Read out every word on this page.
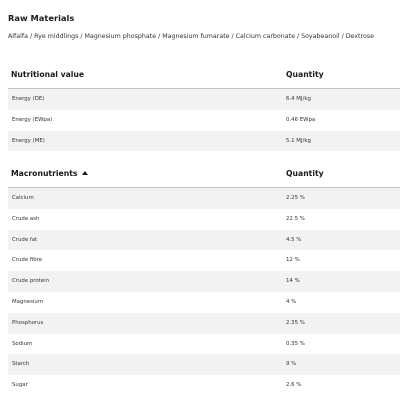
Raw Materials
Alfalfa / Rye middlings / Magnesium phosphate / Magnesium fumarate / Calcium carbonate / Soyabeanoil / Dextrose
Nutritional value	Quantity
Energy (DE)	6.4 MJ/kg
Energy (EWpa)	0.46 EWpa
Energy (ME)	5.1 MJ/kg
Macronutrients	Quantity
Calcium	2.25 %
Crude ash	22.5 %
Crude fat	4.5 %
Crude fibre	12 %
Crude protein	14 %
Magnesium	4 %
Phosphorus	2.35 %
Sodium	0.35 %
Starch	9 %
Sugar	2.6 %
